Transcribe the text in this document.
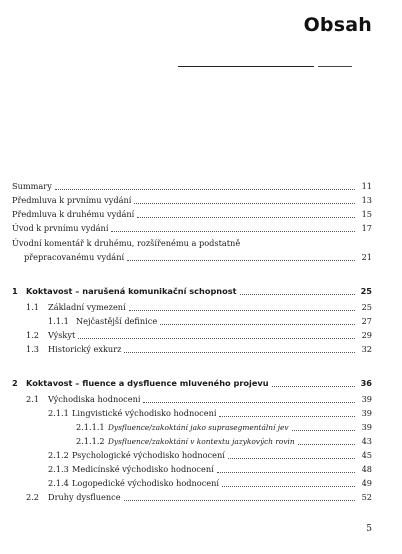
Obsah
Summary	11
Předmluva k prvnímu vydání	13
Předmluva k druhému vydání	15
Úvod k prvnímu vydání	17
Úvodní komentář k druhému, rozšířenému a podstatně
přepracovanému vydání	21
1	Koktavost – narušená komunikační schopnost	25
1.1	Základní vymezení	25
1.1.1 Nejčastější definice	27
1.2	Výskyt	29
1.3	Historický exkurz	32
2	Koktavost – fluence a dysfluence mluveného projevu	36
2.1	Východiska hodnocení	39
2.1.1 Lingvistické východisko hodnocení	39
2.1.1.1 Dysfluence/zakoktání jako suprasegmentální jev	39
2.1.1.2 Dysfluence/zakoktání v kontextu jazykových rovin	43
2.1.2 Psychologické východisko hodnocení	45
2.1.3 Medicínské východisko hodnocení	48
2.1.4 Logopedické východisko hodnocení	49
2.2	Druhy dysfluence	52
5
